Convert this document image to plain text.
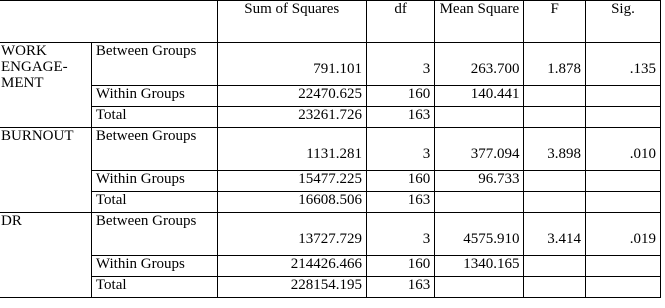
		Sum of Squares	df	Mean Square	F	Sig.

WORK
ENGAGE-
MENT	Between Groups	791.101	3	263.700	1.878	.135
	Within Groups	22470.625	160	140.441		
	Total	23261.726	163			

BURNOUT	Between Groups	1131.281	3	377.094	3.898	.010
	Within Groups	15477.225	160	96.733		
	Total	16608.506	163			

DR	Between Groups	13727.729	3	4575.910	3.414	.019
	Within Groups	214426.466	160	1340.165		
	Total	228154.195	163			
